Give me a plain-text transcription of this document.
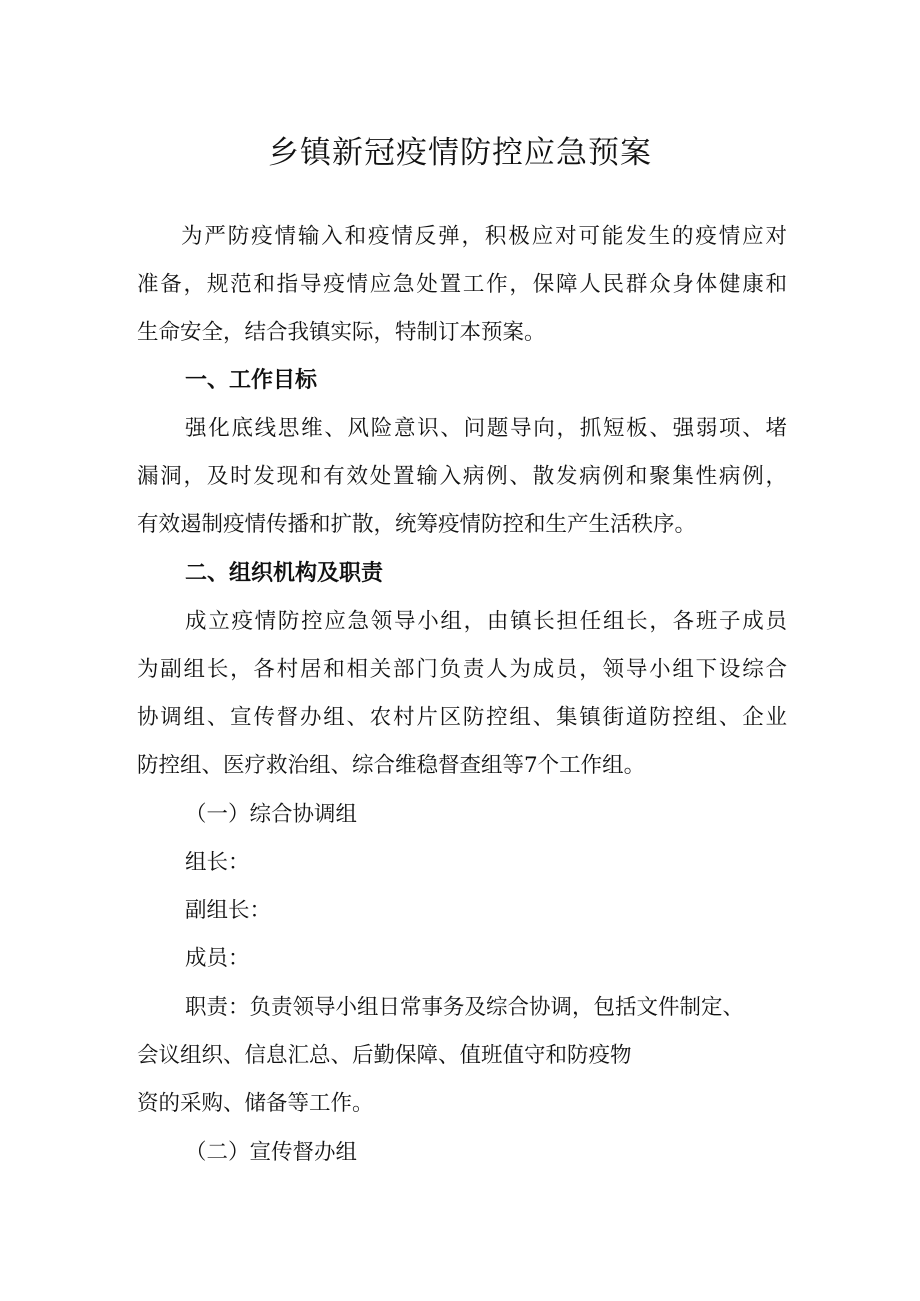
乡镇新冠疫情防控应急预案
为严防疫情输入和疫情反弹，积极应对可能发生的疫情应对
准备，规范和指导疫情应急处置工作，保障人民群众身体健康和
生命安全，结合我镇实际，特制订本预案。
一、工作目标
强化底线思维、风险意识、问题导向，抓短板、强弱项、堵
漏洞，及时发现和有效处置输入病例、散发病例和聚集性病例，
有效遏制疫情传播和扩散，统筹疫情防控和生产生活秩序。
二、组织机构及职责
成立疫情防控应急领导小组，由镇长担任组长，各班子成员
为副组长，各村居和相关部门负责人为成员，领导小组下设综合
协调组、宣传督办组、农村片区防控组、集镇街道防控组、企业
防控组、医疗救治组、综合维稳督查组等7个工作组。
（一）综合协调组
组长：
副组长：
成员：
职责：负责领导小组日常事务及综合协调，包括文件制定、
会议组织、信息汇总、后勤保障、值班值守和防疫物
资的采购、储备等工作。
（二）宣传督办组
